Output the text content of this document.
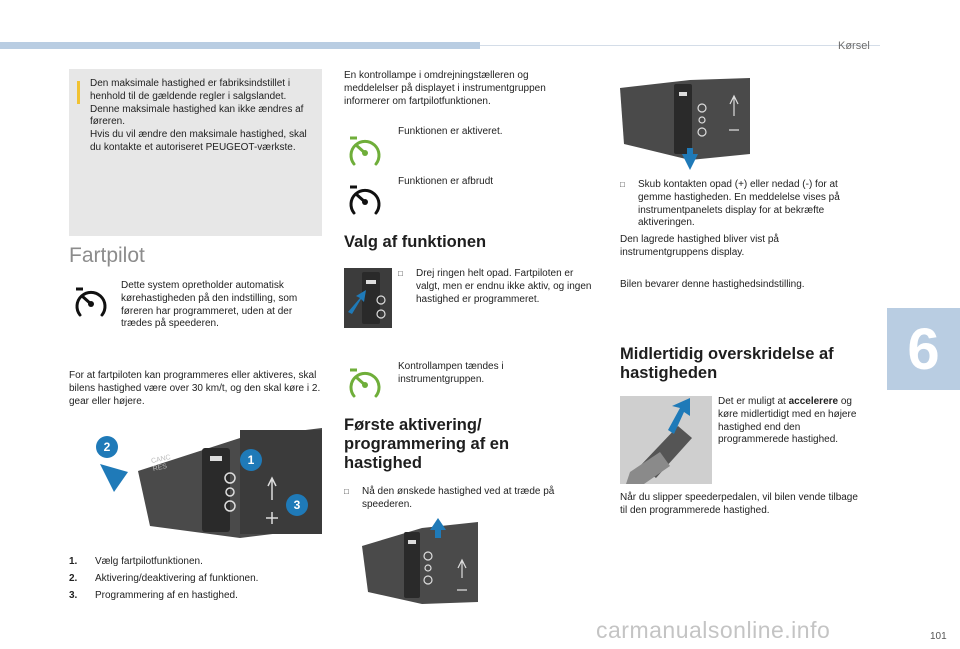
Kørsel
6
101
carmanualsonline.info
Den maksimale hastighed er fabriksindstillet i henhold til de gældende regler i salgslandet. Denne maksimale hastighed kan ikke ændres af føreren.
Hvis du vil ændre den maksimale hastighed, skal du kontakte et autoriseret PEUGEOT-værkste.
Fartpilot
Dette system opretholder automatisk kørehastigheden på den indstilling, som føreren har programmeret, uden at der trædes på speederen.
For at fartpiloten kan programmeres eller aktiveres, skal bilens hastighed være over 30 km/t, og den skal køre i 2. gear eller højere.
CANC
RES
2
1
3
1. Vælg fartpilotfunktionen.
2. Aktivering/deaktivering af funktionen.
3. Programmering af en hastighed.
En kontrollampe i omdrejningstælleren og meddelelser på displayet i instrumentgruppen informerer om fartpilotfunktionen.
Funktionen er aktiveret.
Funktionen er afbrudt
Valg af funktionen
□	Drej ringen helt opad. Fartpiloten er valgt, men er endnu ikke aktiv, og ingen hastighed er programmeret.
Kontrollampen tændes i instrumentgruppen.
Første aktivering/ programmering af en hastighed
□	Nå den ønskede hastighed ved at træde på speederen.
□	Skub kontakten opad (+) eller nedad (-) for at gemme hastigheden. En meddelelse vises på instrumentpanelets display for at bekræfte aktiveringen.
Den lagrede hastighed bliver vist på instrumentgruppens display.
Bilen bevarer denne hastighedsindstilling.
Midlertidig overskridelse af hastigheden
Det er muligt at accelerere og køre midlertidigt med en højere hastighed end den programmerede hastighed.
Når du slipper speederpedalen, vil bilen vende tilbage til den programmerede hastighed.
